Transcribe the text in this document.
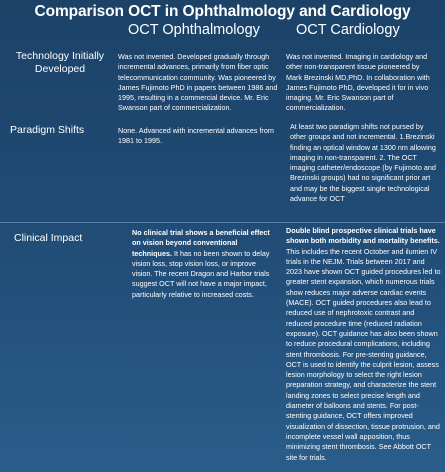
Comparison OCT in Ophthalmology and Cardiology
OCT Ophthalmology OCT Cardiology
Technology Initially Developed
Was not invented. Developed gradually through incremental advances, primarily from fiber optic telecommunication community. Was pioneered by James Fujimoto PhD in papers between 1986 and 1995, resulting in a commercial device. Mr. Eric Swanson part of commercialization.
Was not invented. Imaging in cardiology and other non-transparent tissue pioneered by Mark Brezinski MD,PhD. In collaboration with James Fujimoto PhD, developed it for in vivo imaging. Mr. Eric Swanson part of commercialization.
Paradigm Shifts	None. Advanced with incremental advances from 1981 to 1995.
At least two paradigm shifts not pursed by other groups and not incremental. 1.Brezinski finding an optical window at 1300 nm allowing imaging in non-transparent. 2. The OCT imaging catheter/endoscope (by Fujimoto and Brezinski groups) had no significant prior art and may be the biggest single technological advance for OCT
Clinical Impact	No clinical trial shows a beneficial effect on vision beyond conventional techniques. It has no been shown to delay vision loss, stop vision loss, or improve vision. The recent Dragon and Harbor trials suggest OCT will not have a major impact, particularly relative to increased costs.
Double blind prospective clinical trials have shown both morbidity and mortality benefits. This includes the recent October and ilumien IV trials in the NEJM. Trials between 2017 and 2023 have shown OCT guided procedures led to greater stent expansion, which numerous trials show reduces major adverse cardiac events (MACE). OCT guided procedures also lead to reduced use of nephrotoxic contrast and reduced procedure time (reduced radiation exposure). OCT guidance has also been shown to reduce procedural complications, including stent thrombosis. For pre-stenting guidance, OCT is used to identify the culprit lesion, assess lesion morphology to select the right lesion preparation strategy, and characterize the stent landing zones to select precise length and diameter of balloons and stents. For post-stenting guidance, OCT offers improved visualization of dissection, tissue protrusion, and incomplete vessel wall apposition, thus minimizing stent thrombosis. See Abbott OCT site for trials.
